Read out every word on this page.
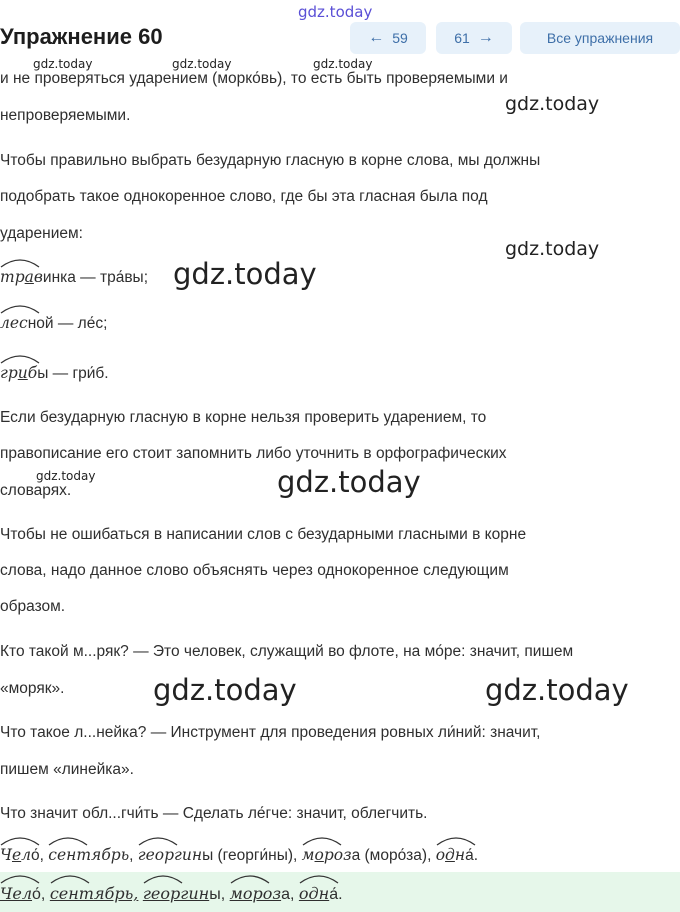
gdz.today
gdz.today	gdz.today	gdz.today
gdz.today
gdz.today
gdz.today
gdz.today	gdz.today
gdz.today	gdz.today
Упражнение 60	← 59	61 →	Все упражнения
и не проверяться ударением (морко́вь), то есть быть проверяемыми и
непроверяемыми.
Чтобы правильно выбрать безударную гласную в корне слова, мы должны
подобрать такое однокоренное слово, где бы эта гласная была под
ударением:
травинка — тра́вы;
лесной — ле́с;
грибы — гри́б.
Если безударную гласную в корне нельзя проверить ударением, то
правописание его стоит запомнить либо уточнить в орфографических
словарях.
Чтобы не ошибаться в написании слов с безударными гласными в корне
слова, надо данное слово объяснять через однокоренное следующим
образом.
Кто такой м...ряк? — Это человек, служащий во флоте, на мо́ре: значит, пишем
«моряк».
Что такое л...нейка? — Инструмент для проведения ровных ли́ний: значит,
пишем «линейка».
Что значит обл...гчи́ть — Сделать ле́гче: значит, облегчить.
Чело́, сентябрь,
георгины (георги́ны), мороза (моро́за), одна́.
Чело́, сентябрь, георгины, мороза, одна́.
